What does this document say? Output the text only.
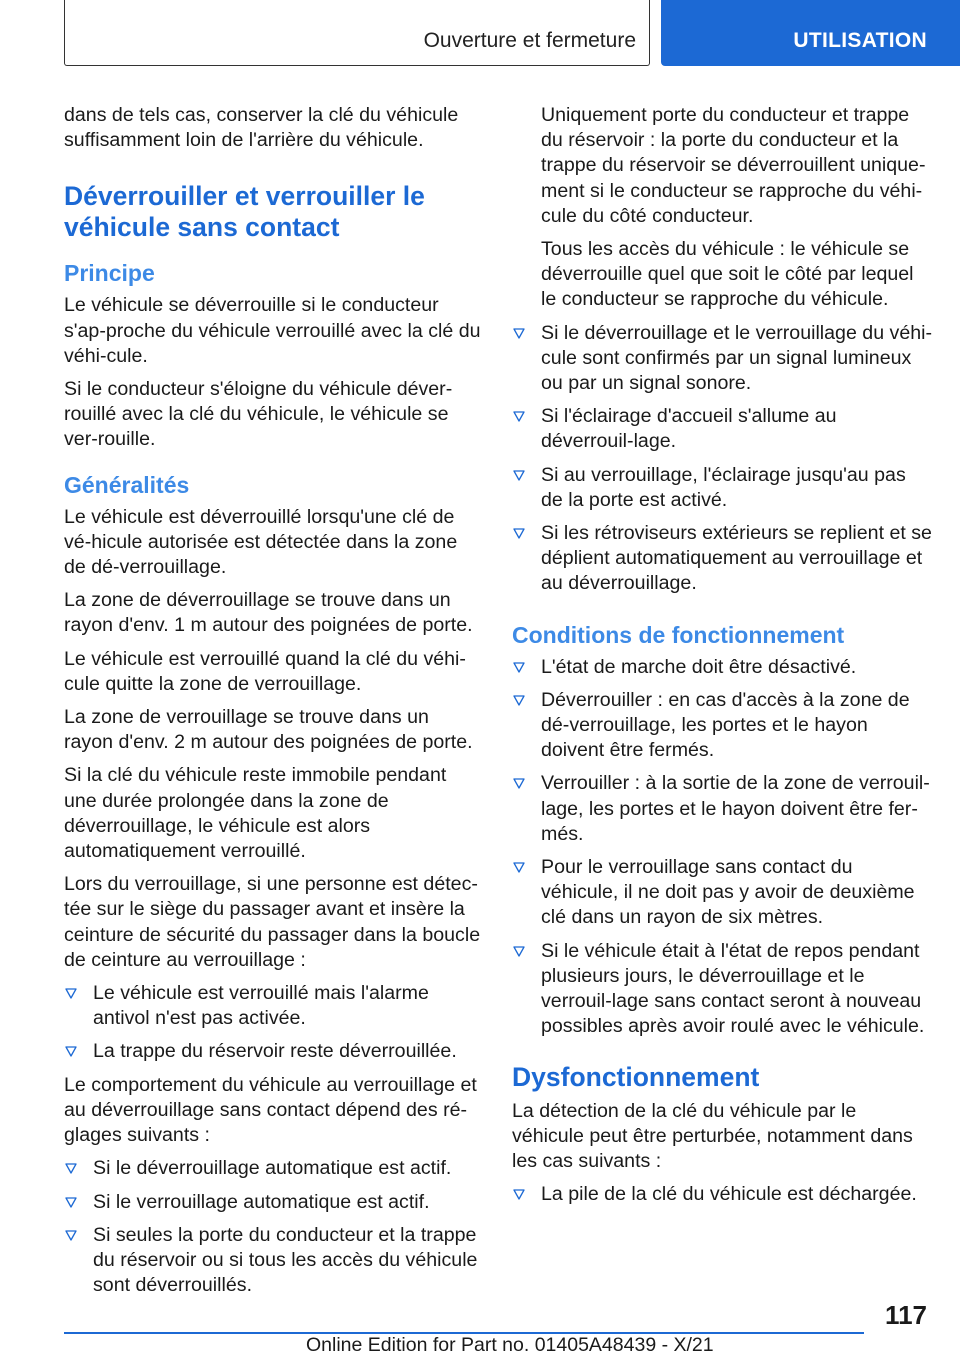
Ouverture et fermeture	UTILISATION

dans de tels cas, conserver la clé du véhicule suffisamment loin de l'arrière du véhicule.

Déverrouiller et verrouiller le véhicule sans contact
Principe

Le véhicule se déverrouille si le conducteur s'ap-proche du véhicule verrouillé avec la clé du véhi-cule.

Si le conducteur s'éloigne du véhicule déver-rouillé avec la clé du véhicule, le véhicule se ver-rouille.

Généralités

Le véhicule est déverrouillé lorsqu'une clé de vé-hicule autorisée est détectée dans la zone de dé-verrouillage.

La zone de déverrouillage se trouve dans un rayon d'env. 1 m autour des poignées de porte.

Le véhicule est verrouillé quand la clé du véhi-cule quitte la zone de verrouillage.

La zone de verrouillage se trouve dans un rayon d'env. 2 m autour des poignées de porte.

Si la clé du véhicule reste immobile pendant une durée prolongée dans la zone de déverrouillage, le véhicule est alors automatiquement verrouillé.

Lors du verrouillage, si une personne est détec-tée sur le siège du passager avant et insère la ceinture de sécurité du passager dans la boucle de ceinture au verrouillage :

Le véhicule est verrouillé mais l'alarme antivol n'est pas activée.
La trappe du réservoir reste déverrouillée.

Le comportement du véhicule au verrouillage et au déverrouillage sans contact dépend des ré-glages suivants :

Si le déverrouillage automatique est actif.
Si le verrouillage automatique est actif.
Si seules la porte du conducteur et la trappe du réservoir ou si tous les accès du véhicule sont déverrouillés.
Uniquement porte du conducteur et trappe du réservoir : la porte du conducteur et la trappe du réservoir se déverrouillent unique-ment si le conducteur se rapproche du véhi-cule du côté conducteur.
Tous les accès du véhicule : le véhicule se déverrouille quel que soit le côté par lequel le conducteur se rapproche du véhicule.
Si le déverrouillage et le verrouillage du véhi-cule sont confirmés par un signal lumineux ou par un signal sonore.
Si l'éclairage d'accueil s'allume au déverrouil-lage.
Si au verrouillage, l'éclairage jusqu'au pas de la porte est activé.
Si les rétroviseurs extérieurs se replient et se déplient automatiquement au verrouillage et au déverrouillage.
Conditions de fonctionnement
L'état de marche doit être désactivé.
Déverrouiller : en cas d'accès à la zone de dé-verrouillage, les portes et le hayon doivent être fermés.
Verrouiller : à la sortie de la zone de verrouil-lage, les portes et le hayon doivent être fer-més.
Pour le verrouillage sans contact du véhicule, il ne doit pas y avoir de deuxième clé dans un rayon de six mètres.
Si le véhicule était à l'état de repos pendant plusieurs jours, le déverrouillage et le verrouil-lage sans contact seront à nouveau possibles après avoir roulé avec le véhicule.
Dysfonctionnement

La détection de la clé du véhicule par le véhicule peut être perturbée, notamment dans les cas suivants :

La pile de la clé du véhicule est déchargée.
117
Online Edition for Part no. 01405A48439 - X/21
